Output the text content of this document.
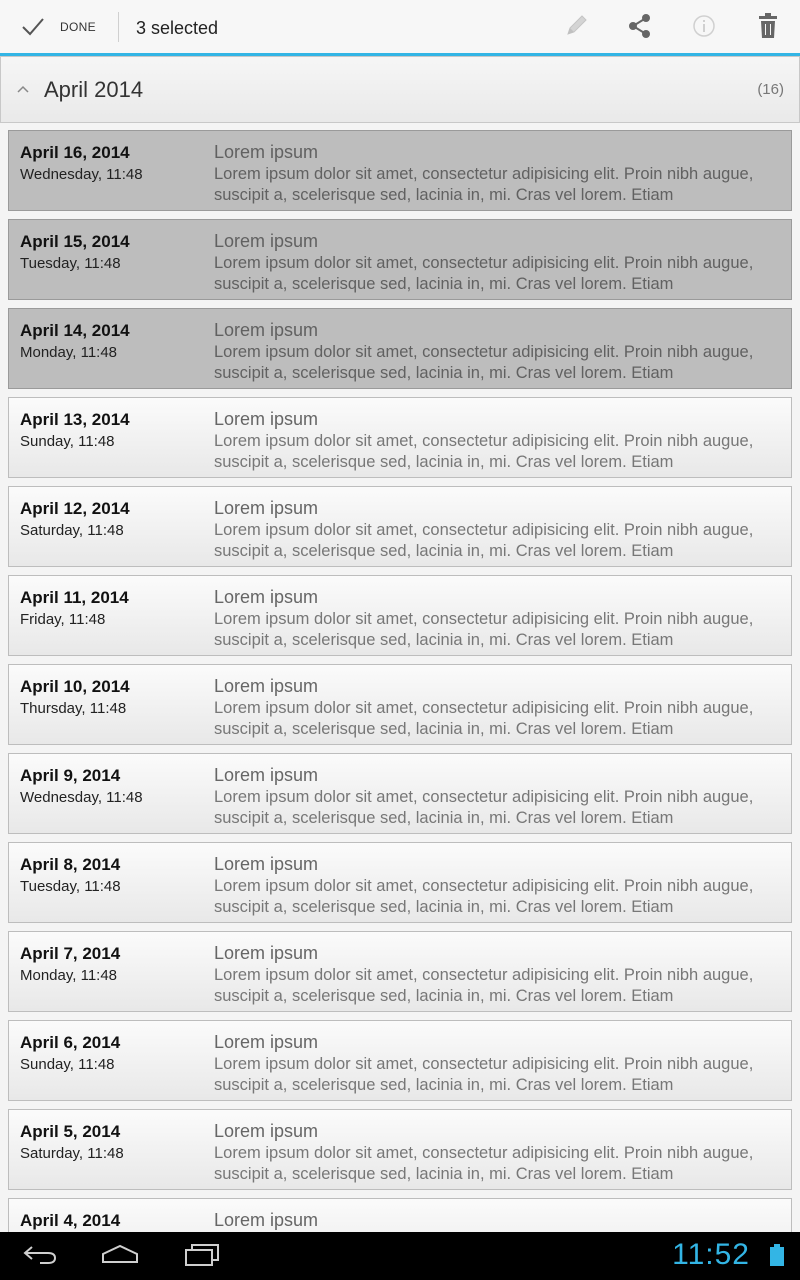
DONE 3 selected
April 2014	(16)
April 16, 2014
Wednesday, 11:48
Lorem ipsum
Lorem ipsum dolor sit amet, consectetur adipisicing elit. Proin nibh augue, suscipit a, scelerisque sed, lacinia in, mi. Cras vel lorem. Etiam
April 15, 2014
Tuesday, 11:48
Lorem ipsum
Lorem ipsum dolor sit amet, consectetur adipisicing elit. Proin nibh augue, suscipit a, scelerisque sed, lacinia in, mi. Cras vel lorem. Etiam
April 14, 2014
Monday, 11:48
Lorem ipsum
Lorem ipsum dolor sit amet, consectetur adipisicing elit. Proin nibh augue, suscipit a, scelerisque sed, lacinia in, mi. Cras vel lorem. Etiam
April 13, 2014
Sunday, 11:48
Lorem ipsum
Lorem ipsum dolor sit amet, consectetur adipisicing elit. Proin nibh augue, suscipit a, scelerisque sed, lacinia in, mi. Cras vel lorem. Etiam
April 12, 2014
Saturday, 11:48
Lorem ipsum
Lorem ipsum dolor sit amet, consectetur adipisicing elit. Proin nibh augue, suscipit a, scelerisque sed, lacinia in, mi. Cras vel lorem. Etiam
April 11, 2014
Friday, 11:48
Lorem ipsum
Lorem ipsum dolor sit amet, consectetur adipisicing elit. Proin nibh augue, suscipit a, scelerisque sed, lacinia in, mi. Cras vel lorem. Etiam
April 10, 2014
Thursday, 11:48
Lorem ipsum
Lorem ipsum dolor sit amet, consectetur adipisicing elit. Proin nibh augue, suscipit a, scelerisque sed, lacinia in, mi. Cras vel lorem. Etiam
April 9, 2014
Wednesday, 11:48
Lorem ipsum
Lorem ipsum dolor sit amet, consectetur adipisicing elit. Proin nibh augue, suscipit a, scelerisque sed, lacinia in, mi. Cras vel lorem. Etiam
April 8, 2014
Tuesday, 11:48
Lorem ipsum
Lorem ipsum dolor sit amet, consectetur adipisicing elit. Proin nibh augue, suscipit a, scelerisque sed, lacinia in, mi. Cras vel lorem. Etiam
April 7, 2014
Monday, 11:48
Lorem ipsum
Lorem ipsum dolor sit amet, consectetur adipisicing elit. Proin nibh augue, suscipit a, scelerisque sed, lacinia in, mi. Cras vel lorem. Etiam
April 6, 2014
Sunday, 11:48
Lorem ipsum
Lorem ipsum dolor sit amet, consectetur adipisicing elit. Proin nibh augue, suscipit a, scelerisque sed, lacinia in, mi. Cras vel lorem. Etiam
April 5, 2014
Saturday, 11:48
Lorem ipsum
Lorem ipsum dolor sit amet, consectetur adipisicing elit. Proin nibh augue, suscipit a, scelerisque sed, lacinia in, mi. Cras vel lorem. Etiam
April 4, 2014	Lorem ipsum
11:52
